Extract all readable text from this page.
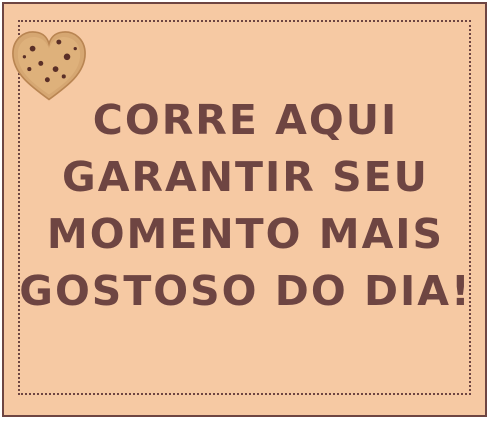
CORRE AQUI
GARANTIR SEU
MOMENTO MAIS
GOSTOSO DO DIA!
